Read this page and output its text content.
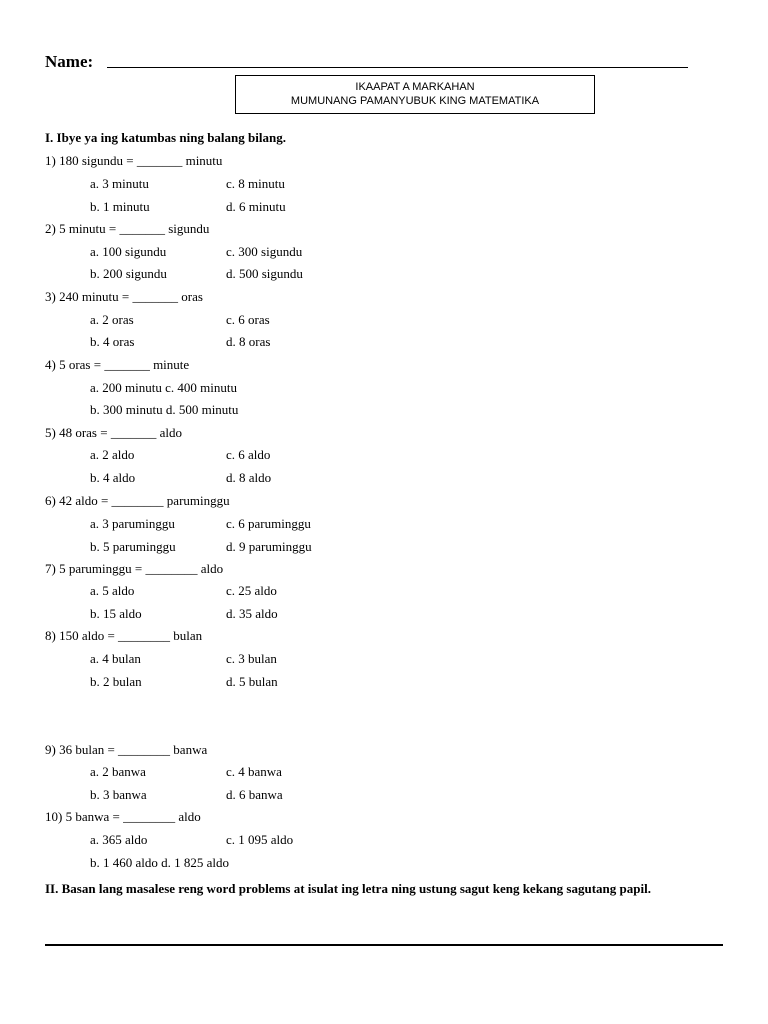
Name:
IKAAPAT A MARKAHAN
MUMUNANG PAMANYUBUK KING MATEMATIKA
I. Ibye ya ing katumbas ning balang bilang.
1) 180 sigundu = _______ minutu
a. 3 minutu	c. 8 minutu
b. 1 minutu	d. 6 minutu
2) 5 minutu = _______ sigundu
a. 100 sigundu	c. 300 sigundu
b. 200 sigundu	d. 500 sigundu
3) 240 minutu = _______ oras
a. 2 oras	c. 6 oras
b. 4 oras	d. 8 oras
4) 5 oras = _______ minute
a. 200 minutu c. 400 minutu
b. 300 minutu d. 500 minutu
5) 48 oras = _______ aldo
a. 2 aldo	c. 6 aldo
b. 4 aldo	d. 8 aldo
6) 42 aldo = ________ paruminggu
a. 3 paruminggu	c. 6 paruminggu
b. 5 paruminggu	d. 9 paruminggu
7) 5 paruminggu = ________ aldo
a. 5 aldo	c. 25 aldo
b. 15 aldo	d. 35 aldo
8) 150 aldo = ________ bulan
a. 4 bulan	c. 3 bulan
b. 2 bulan	d. 5 bulan
9) 36 bulan = ________ banwa
a. 2 banwa	c. 4 banwa
b. 3 banwa	d. 6 banwa
10) 5 banwa = ________ aldo
a. 365 aldo	c. 1 095 aldo
b. 1 460 aldo d. 1 825 aldo
II. Basan lang masalese reng word problems at isulat ing letra ning ustung sagut keng kekang sagutang papil.
